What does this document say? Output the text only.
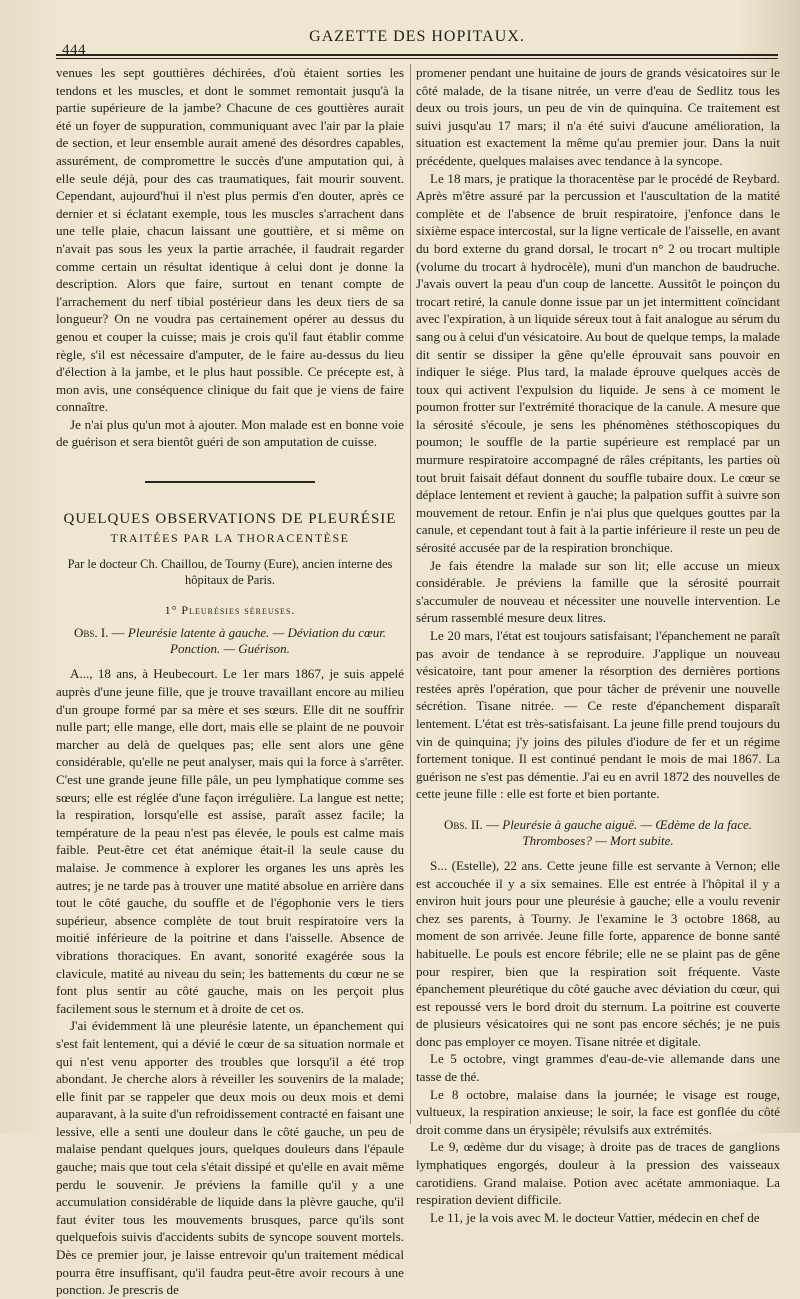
444
GAZETTE DES HOPITAUX.

venues les sept gouttières déchirées, d'où étaient sorties les tendons et les muscles, et dont le sommet remontait jusqu'à la partie supérieure de la jambe? Chacune de ces gouttières aurait été un foyer de suppuration, communiquant avec l'air par la plaie de section, et leur ensemble aurait amené des désordres capables, assurément, de compromettre le succès d'une amputation qui, à elle seule déjà, pour des cas traumatiques, fait mourir souvent. Cependant, aujourd'hui il n'est plus permis d'en douter, après ce dernier et si éclatant exemple, tous les muscles s'arrachent dans une telle plaie, chacun laissant une gouttière, et si même on n'avait pas sous les yeux la partie arrachée, il faudrait regarder comme certain un résultat identique à celui dont je donne la description. Alors que faire, surtout en tenant compte de l'arrachement du nerf tibial postérieur dans les deux tiers de sa longueur? On ne voudra pas certainement opérer au dessus du genou et couper la cuisse; mais je crois qu'il faut établir comme règle, s'il est nécessaire d'amputer, de le faire au-dessus du lieu d'élection à la jambe, et le plus haut possible. Ce précepte est, à mon avis, une conséquence clinique du fait que je viens de faire connaître.

Je n'ai plus qu'un mot à ajouter. Mon malade est en bonne voie de guérison et sera bientôt guéri de son amputation de cuisse.

QUELQUES OBSERVATIONS DE PLEURÉSIE
TRAITÉES PAR LA THORACENTÈSE
Par le docteur Ch. Chaillou, de Tourny (Eure), ancien interne des hôpitaux de Paris.
1° Pleurésies séreuses.
Obs. I. — Pleurésie latente à gauche. — Déviation du cœur. Ponction. — Guérison.

A..., 18 ans, à Heubecourt. Le 1er mars 1867, je suis appelé auprès d'une jeune fille, que je trouve travaillant encore au milieu d'un groupe formé par sa mère et ses sœurs. Elle dit ne souffrir nulle part; elle mange, elle dort, mais elle se plaint de ne pouvoir marcher au delà de quelques pas; elle sent alors une gêne considérable, qu'elle ne peut analyser, mais qui la force à s'arrêter. C'est une grande jeune fille pâle, un peu lymphatique comme ses sœurs; elle est réglée d'une façon irrégulière. La langue est nette; la respiration, lorsqu'elle est assise, paraît assez facile; la température de la peau n'est pas élevée, le pouls est calme mais faible. Peut-être cet état anémique était-il la seule cause du malaise. Je commence à explorer les organes les uns après les autres; je ne tarde pas à trouver une matité absolue en arrière dans tout le côté gauche, du souffle et de l'égophonie vers le tiers supérieur, absence complète de tout bruit respiratoire vers la moitié inférieure de la poitrine et dans l'aisselle. Absence de vibrations thoraciques. En avant, sonorité exagérée sous la clavicule, matité au niveau du sein; les battements du cœur ne se font plus sentir au côté gauche, mais on les perçoit plus facilement sous le sternum et à droite de cet os.

J'ai évidemment là une pleurésie latente, un épanchement qui s'est fait lentement, qui a dévié le cœur de sa situation normale et qui n'est venu apporter des troubles que lorsqu'il a été trop abondant. Je cherche alors à réveiller les souvenirs de la malade; elle finit par se rappeler que deux mois ou deux mois et demi auparavant, à la suite d'un refroidissement contracté en faisant une lessive, elle a senti une douleur dans le côté gauche, un peu de malaise pendant quelques jours, quelques douleurs dans l'épaule gauche; mais que tout cela s'était dissipé et qu'elle en avait même perdu le souvenir. Je préviens la famille qu'il y a une accumulation considérable de liquide dans la plèvre gauche, qu'il faut éviter tous les mouvements brusques, parce qu'ils sont quelquefois suivis d'accidents subits de syncope souvent mortels. Dès ce premier jour, je laisse entrevoir qu'un traitement médical pourra être insuffisant, qu'il faudra peut-être avoir recours à une ponction. Je prescris de

promener pendant une huitaine de jours de grands vésicatoires sur le côté malade, de la tisane nitrée, un verre d'eau de Sedlitz tous les deux ou trois jours, un peu de vin de quinquina. Ce traitement est suivi jusqu'au 17 mars; il n'a été suivi d'aucune amélioration, la situation est exactement la même qu'au premier jour. Dans la nuit précédente, quelques malaises avec tendance à la syncope.

Le 18 mars, je pratique la thoracentèse par le procédé de Reybard. Après m'être assuré par la percussion et l'auscultation de la matité complète et de l'absence de bruit respiratoire, j'enfonce dans le sixième espace intercostal, sur la ligne verticale de l'aisselle, en avant du bord externe du grand dorsal, le trocart n° 2 ou trocart multiple (volume du trocart à hydrocèle), muni d'un manchon de baudruche. J'avais ouvert la peau d'un coup de lancette. Aussitôt le poinçon du trocart retiré, la canule donne issue par un jet intermittent coïncidant avec l'expiration, à un liquide séreux tout à fait analogue au sérum du sang ou à celui d'un vésicatoire. Au bout de quelque temps, la malade dit sentir se dissiper la gêne qu'elle éprouvait sans pouvoir en indiquer le siége. Plus tard, la malade éprouve quelques accès de toux qui activent l'expulsion du liquide. Je sens à ce moment le poumon frotter sur l'extrémité thoracique de la canule. A mesure que la sérosité s'écoule, je sens les phénomènes stéthoscopiques du poumon; le souffle de la partie supérieure est remplacé par un murmure respiratoire accompagné de râles crépitants, les parties où tout bruit faisait défaut donnent du souffle tubaire doux. Le cœur se déplace lentement et revient à gauche; la palpation suffit à suivre son mouvement de retour. Enfin je n'ai plus que quelques gouttes par la canule, et cependant tout à fait à la partie inférieure il reste un peu de sérosité accusée par de la respiration bronchique.

Je fais étendre la malade sur son lit; elle accuse un mieux considérable. Je préviens la famille que la sérosité pourrait s'accumuler de nouveau et nécessiter une nouvelle intervention. Le sérum rassemblé mesure deux litres.

Le 20 mars, l'état est toujours satisfaisant; l'épanchement ne paraît pas avoir de tendance à se reproduire. J'applique un nouveau vésicatoire, tant pour amener la résorption des dernières portions restées après l'opération, que pour tâcher de prévenir une nouvelle sécrétion. Tisane nitrée. — Ce reste d'épanchement disparaît lentement. L'état est très-satisfaisant. La jeune fille prend toujours du vin de quinquina; j'y joins des pilules d'iodure de fer et un régime fortement tonique. Il est continué pendant le mois de mai 1867. La guérison ne s'est pas démentie. J'ai eu en avril 1872 des nouvelles de cette jeune fille : elle est forte et bien portante.

Obs. II. — Pleurésie à gauche aiguë. — Œdème de la face. Thromboses? — Mort subite.

S... (Estelle), 22 ans. Cette jeune fille est servante à Vernon; elle est accouchée il y a six semaines. Elle est entrée à l'hôpital il y a environ huit jours pour une pleurésie à gauche; elle a voulu revenir chez ses parents, à Tourny. Je l'examine le 3 octobre 1868, au moment de son arrivée. Jeune fille forte, apparence de bonne santé habituelle. Le pouls est encore fébrile; elle ne se plaint pas de gêne pour respirer, bien que la respiration soit fréquente. Vaste épanchement pleurétique du côté gauche avec déviation du cœur, qui est repoussé vers le bord droit du sternum. La poitrine est couverte de plusieurs vésicatoires qui ne sont pas encore séchés; je ne puis donc pas employer ce moyen. Tisane nitrée et digitale.

Le 5 octobre, vingt grammes d'eau-de-vie allemande dans une tasse de thé.

Le 8 octobre, malaise dans la journée; le visage est rouge, vultueux, la respiration anxieuse; le soir, la face est gonflée du côté droit comme dans un érysipèle; révulsifs aux extrémités.

Le 9, œdème dur du visage; à droite pas de traces de ganglions lymphatiques engorgés, douleur à la pression des vaisseaux carotidiens. Grand malaise. Potion avec acétate ammoniaque. La respiration devient difficile.

Le 11, je la vois avec M. le docteur Vattier, médecin en chef de
